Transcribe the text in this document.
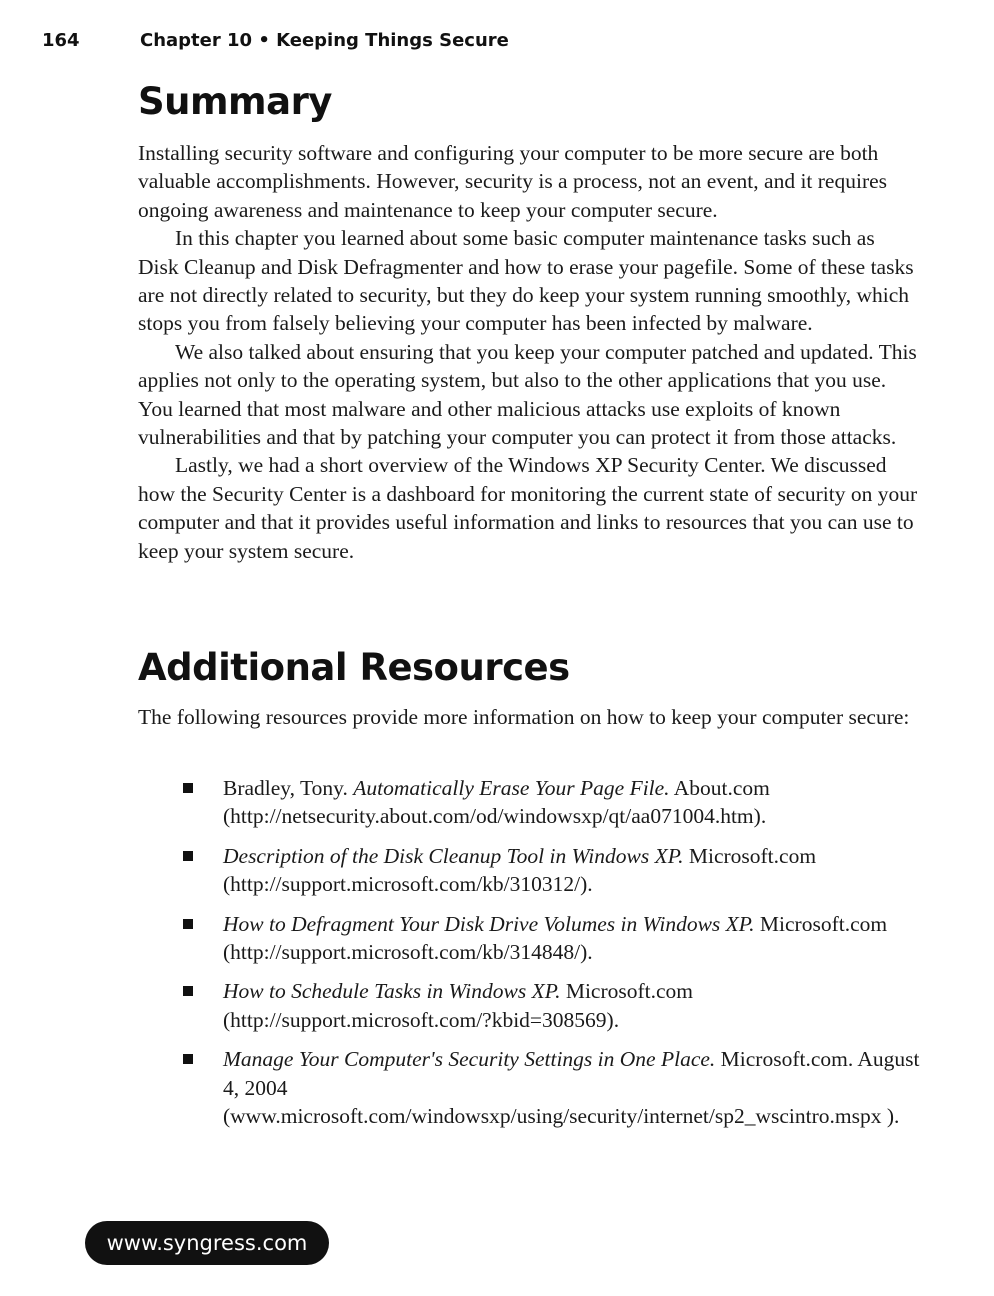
164	Chapter 10 • Keeping Things Secure
Summary

Installing security software and configuring your computer to be more secure are both valuable accomplishments. However, security is a process, not an event, and it requires ongoing awareness and maintenance to keep your computer secure.

In this chapter you learned about some basic computer maintenance tasks such as Disk Cleanup and Disk Defragmenter and how to erase your pagefile. Some of these tasks are not directly related to security, but they do keep your system running smoothly, which stops you from falsely believing your computer has been infected by malware.

We also talked about ensuring that you keep your computer patched and updated. This applies not only to the operating system, but also to the other applications that you use. You learned that most malware and other malicious attacks use exploits of known vulnerabilities and that by patching your computer you can protect it from those attacks.

Lastly, we had a short overview of the Windows XP Security Center. We discussed how the Security Center is a dashboard for monitoring the current state of security on your computer and that it provides useful information and links to resources that you can use to keep your system secure.

Additional Resources

The following resources provide more information on how to keep your computer secure:

Bradley, Tony. Automatically Erase Your Page File. About.com (http://netsecurity.about.com/od/windowsxp/qt/aa071004.htm).
Description of the Disk Cleanup Tool in Windows XP. Microsoft.com (http://support.microsoft.com/kb/310312/).
How to Defragment Your Disk Drive Volumes in Windows XP. Microsoft.com (http://support.microsoft.com/kb/314848/).
How to Schedule Tasks in Windows XP. Microsoft.com (http://support.microsoft.com/?kbid=308569).
Manage Your Computer's Security Settings in One Place. Microsoft.com. August 4, 2004 (www.microsoft.com/windowsxp/using/security/internet/sp2_wscintro.mspx ).
www.syngress.com
